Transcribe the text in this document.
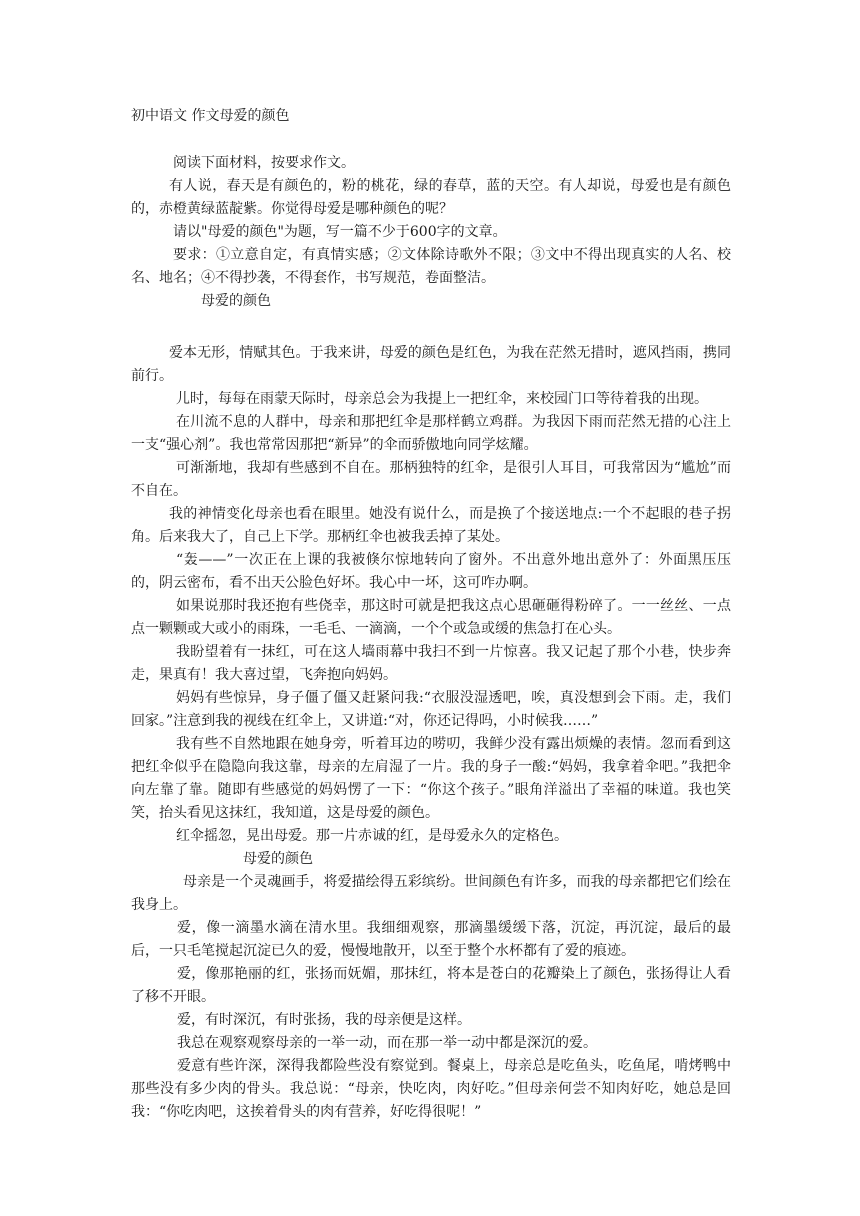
初中语文 作文母爱的颜色

阅读下面材料，按要求作文。

有人说，春天是有颜色的，粉的桃花，绿的春草，蓝的天空。有人却说，母爱也是有颜色的，赤橙黄绿蓝靛紫。你觉得母爱是哪种颜色的呢？

请以"母爱的颜色"为题，写一篇不少于600字的文章。

要求：①立意自定，有真情实感；②文体除诗歌外不限；③文中不得出现真实的人名、校名、地名；④不得抄袭，不得套作，书写规范，卷面整洁。

母爱的颜色

爱本无形，情赋其色。于我来讲，母爱的颜色是红色，为我在茫然无措时，遮风挡雨，携同前行。

儿时，每每在雨蒙天际时，母亲总会为我提上一把红伞，来校园门口等待着我的出现。

在川流不息的人群中，母亲和那把红伞是那样鹤立鸡群。为我因下雨而茫然无措的心注上一支“强心剂”。我也常常因那把“新异”的伞而骄傲地向同学炫耀。

可渐渐地，我却有些感到不自在。那柄独特的红伞，是很引人耳目，可我常因为“尴尬”而不自在。

我的神情变化母亲也看在眼里。她没有说什么，而是换了个接送地点:一个不起眼的巷子拐角。后来我大了，自己上下学。那柄红伞也被我丢掉了某处。

“轰——”一次正在上课的我被倏尔惊地转向了窗外。不出意外地出意外了：外面黑压压的，阴云密布，看不出天公脸色好坏。我心中一坏，这可咋办啊。

如果说那时我还抱有些侥幸，那这时可就是把我这点心思砸砸得粉碎了。一一丝丝、一点点一颗颗或大或小的雨珠，一毛毛、一滴滴，一个个或急或缓的焦急打在心头。

我盼望着有一抹红，可在这人墙雨幕中我扫不到一片惊喜。我又记起了那个小巷，快步奔走，果真有！我大喜过望，飞奔抱向妈妈。

妈妈有些惊异，身子僵了僵又赶紧问我:“衣服没湿透吧，唉，真没想到会下雨。走，我们回家。”注意到我的视线在红伞上，又讲道:“对，你还记得吗，小时候我……”

我有些不自然地跟在她身旁，听着耳边的唠叨，我鲜少没有露出烦燥的表情。忽而看到这把红伞似乎在隐隐向我这靠，母亲的左肩湿了一片。我的身子一酸:“妈妈，我拿着伞吧。”我把伞向左靠了靠。随即有些感觉的妈妈愣了一下：“你这个孩子。”眼角洋溢出了幸福的味道。我也笑笑，抬头看见这抹红，我知道，这是母爱的颜色。

红伞摇忽，晃出母爱。那一片赤诚的红，是母爱永久的定格色。

母爱的颜色

母亲是一个灵魂画手，将爱描绘得五彩缤纷。世间颜色有许多，而我的母亲都把它们绘在我身上。

爱，像一滴墨水滴在清水里。我细细观察，那滴墨缓缓下落，沉淀，再沉淀，最后的最后，一只毛笔搅起沉淀已久的爱，慢慢地散开，以至于整个水杯都有了爱的痕迹。

爱，像那艳丽的红，张扬而妩媚，那抹红，将本是苍白的花瓣染上了颜色，张扬得让人看了移不开眼。

爱，有时深沉，有时张扬，我的母亲便是这样。

我总在观察观察母亲的一举一动，而在那一举一动中都是深沉的爱。

爱意有些许深，深得我都险些没有察觉到。餐桌上，母亲总是吃鱼头，吃鱼尾，啃烤鸭中那些没有多少肉的骨头。我总说：“母亲，快吃肉，肉好吃。”但母亲何尝不知肉好吃，她总是回我：“你吃肉吧，这挨着骨头的肉有营养，好吃得很呢！”
